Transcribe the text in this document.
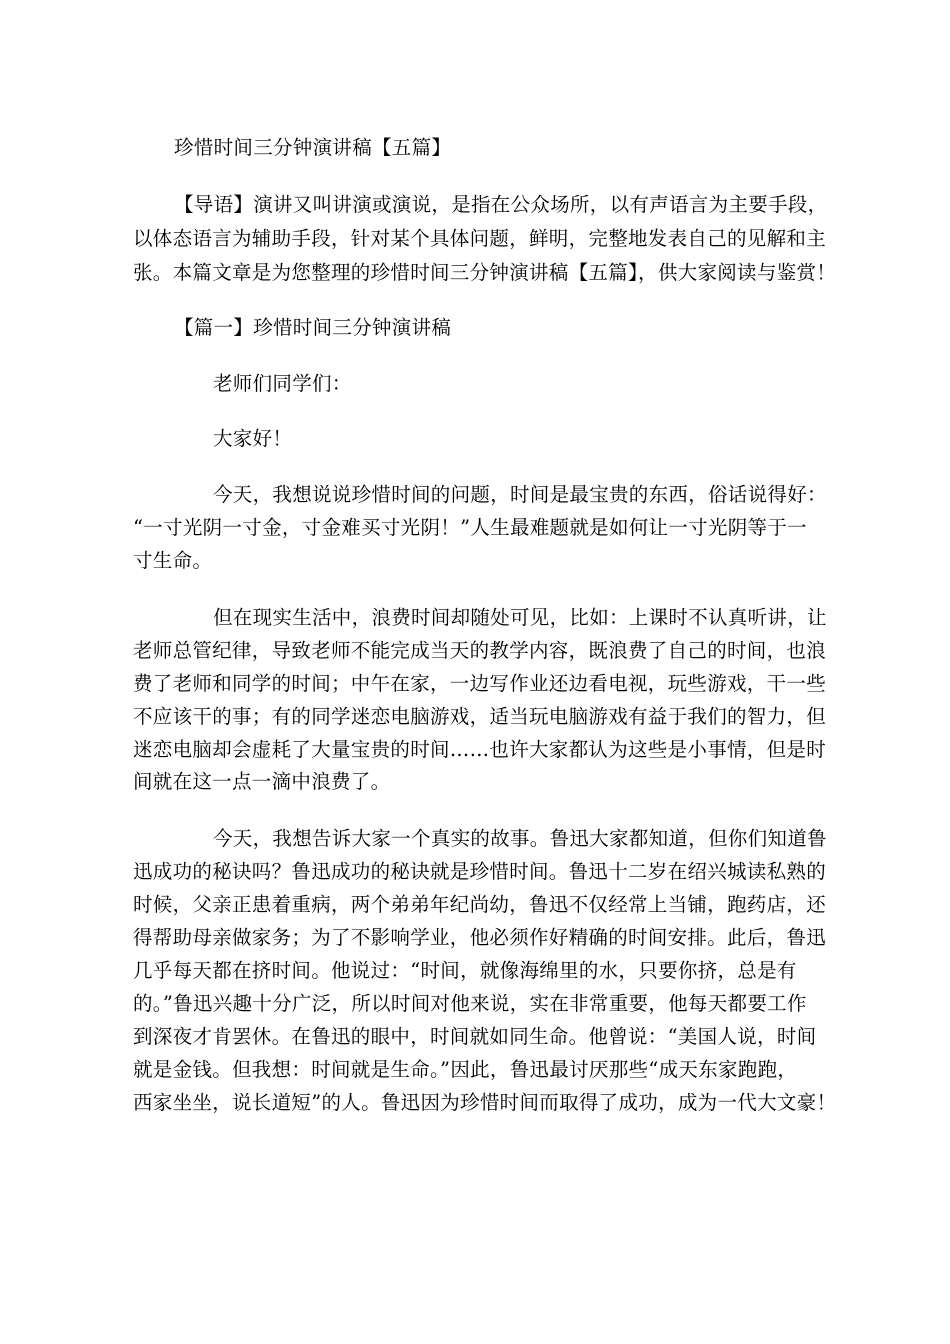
珍惜时间三分钟演讲稿【五篇】
【导语】演讲又叫讲演或演说，是指在公众场所，以有声语言为主要手段，
以体态语言为辅助手段，针对某个具体问题，鲜明，完整地发表自己的见解和主
张。本篇文章是为您整理的珍惜时间三分钟演讲稿【五篇】，供大家阅读与鉴赏！
【篇一】珍惜时间三分钟演讲稿
老师们同学们：
大家好！
今天，我想说说珍惜时间的问题，时间是最宝贵的东西，俗话说得好：
“一寸光阴一寸金，寸金难买寸光阴！”人生最难题就是如何让一寸光阴等于一
寸生命。
但在现实生活中，浪费时间却随处可见，比如：上课时不认真听讲，让
老师总管纪律，导致老师不能完成当天的教学内容，既浪费了自己的时间，也浪
费了老师和同学的时间；中午在家，一边写作业还边看电视，玩些游戏，干一些
不应该干的事；有的同学迷恋电脑游戏，适当玩电脑游戏有益于我们的智力，但
迷恋电脑却会虚耗了大量宝贵的时间……也许大家都认为这些是小事情，但是时
间就在这一点一滴中浪费了。
今天，我想告诉大家一个真实的故事。鲁迅大家都知道，但你们知道鲁
迅成功的秘诀吗？鲁迅成功的秘诀就是珍惜时间。鲁迅十二岁在绍兴城读私熟的
时候，父亲正患着重病，两个弟弟年纪尚幼，鲁迅不仅经常上当铺，跑药店，还
得帮助母亲做家务；为了不影响学业，他必须作好精确的时间安排。此后，鲁迅
几乎每天都在挤时间。他说过：“时间，就像海绵里的水，只要你挤，总是有
的。”鲁迅兴趣十分广泛，所以时间对他来说，实在非常重要，他每天都要工作
到深夜才肯罢休。在鲁迅的眼中，时间就如同生命。他曾说：“美国人说，时间
就是金钱。但我想：时间就是生命。”因此，鲁迅最讨厌那些“成天东家跑跑，
西家坐坐，说长道短”的人。鲁迅因为珍惜时间而取得了成功，成为一代大文豪！
